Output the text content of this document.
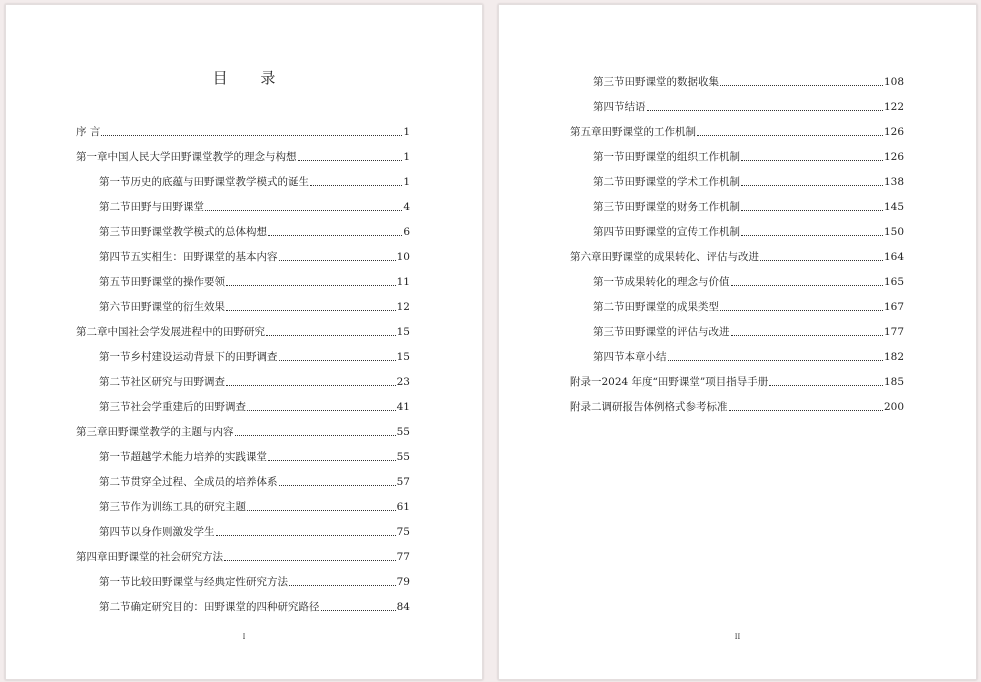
目 录
序 言	1
第一章 中国人民大学田野课堂教学的理念与构想	1
第一节 历史的底蕴与田野课堂教学模式的诞生	1
第二节 田野与田野课堂	4
第三节 田野课堂教学模式的总体构想	6
第四节 五实相生：田野课堂的基本内容	10
第五节 田野课堂的操作要领	11
第六节 田野课堂的衍生效果	12
第二章 中国社会学发展进程中的田野研究	15
第一节 乡村建设运动背景下的田野调查	15
第二节 社区研究与田野调查	23
第三节 社会学重建后的田野调查	41
第三章 田野课堂教学的主题与内容	55
第一节 超越学术能力培养的实践课堂	55
第二节 贯穿全过程、全成员的培养体系	57
第三节 作为训练工具的研究主题	61
第四节 以身作则激发学生	75
第四章 田野课堂的社会研究方法	77
第一节 比较田野课堂与经典定性研究方法	79
第二节 确定研究目的：田野课堂的四种研究路径	84
I
第三节 田野课堂的数据收集	108
第四节 结语	122
第五章 田野课堂的工作机制	126
第一节 田野课堂的组织工作机制	126
第二节 田野课堂的学术工作机制	138
第三节 田野课堂的财务工作机制	145
第四节 田野课堂的宣传工作机制	150
第六章 田野课堂的成果转化、评估与改进	164
第一节 成果转化的理念与价值	165
第二节 田野课堂的成果类型	167
第三节 田野课堂的评估与改进	177
第四节 本章小结	182
附录一 2024 年度“田野课堂”项目指导手册	185
附录二 调研报告体例格式参考标准	200
II
